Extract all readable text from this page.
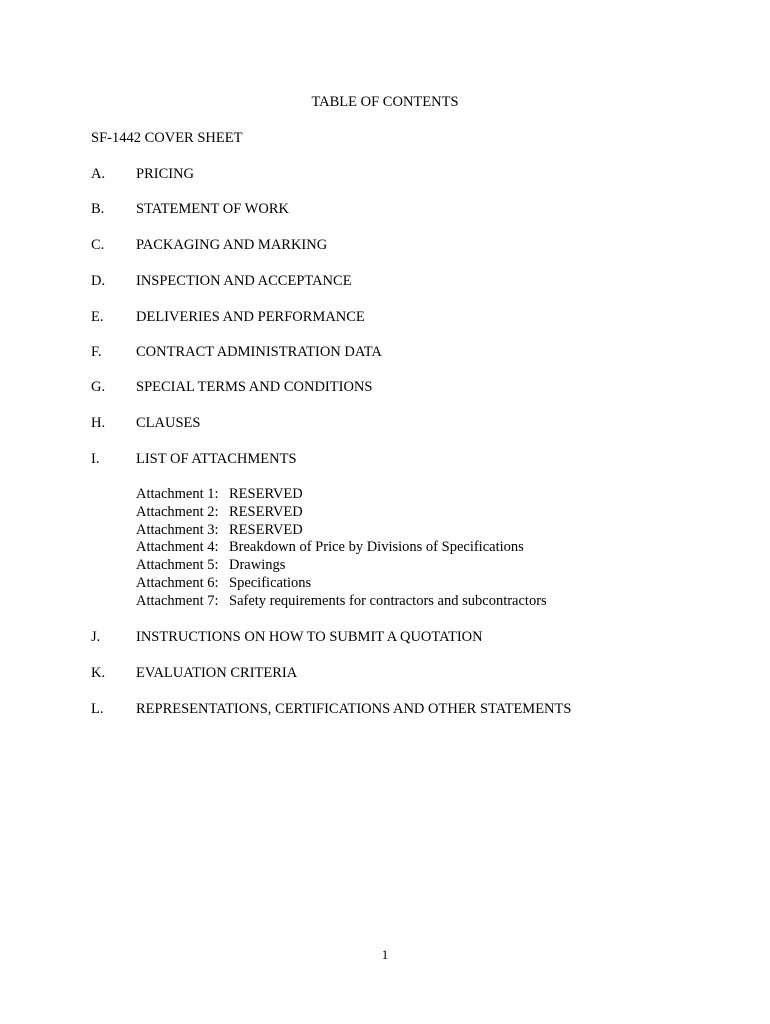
TABLE OF CONTENTS
SF-1442 COVER SHEET
A. PRICING
B. STATEMENT OF WORK
C. PACKAGING AND MARKING
D. INSPECTION AND ACCEPTANCE
E. DELIVERIES AND PERFORMANCE
F. CONTRACT ADMINISTRATION DATA
G. SPECIAL TERMS AND CONDITIONS
H. CLAUSES
I.	LIST OF ATTACHMENTS
Attachment 1: RESERVED
Attachment 2: RESERVED
Attachment 3: RESERVED
Attachment 4: Breakdown of Price by Divisions of Specifications
Attachment 5: Drawings
Attachment 6: Specifications
Attachment 7: Safety requirements for contractors and subcontractors
J. INSTRUCTIONS ON HOW TO SUBMIT A QUOTATION
K. EVALUATION CRITERIA
L. REPRESENTATIONS, CERTIFICATIONS AND OTHER STATEMENTS
1
